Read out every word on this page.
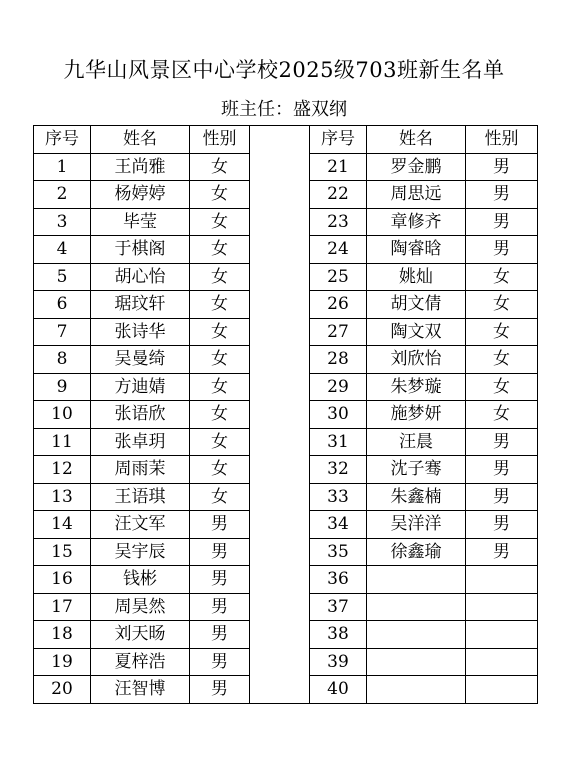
九华山风景区中心学校2025级703班新生名单
班主任：盛双纲
序号	姓名	性别		序号	姓名	性别
1	王尚雅	女		21	罗金鹏	男
2	杨婷婷	女		22	周思远	男
3	毕莹	女		23	章修齐	男
4	于棋阁	女		24	陶睿晗	男
5	胡心怡	女		25	姚灿	女
6	琚玟轩	女		26	胡文倩	女
7	张诗华	女		27	陶文双	女
8	吴曼绮	女		28	刘欣怡	女
9	方迪婧	女		29	朱梦璇	女
10	张语欣	女		30	施梦妍	女
11	张卓玥	女		31	汪晨	男
12	周雨茉	女		32	沈子骞	男
13	王语琪	女		33	朱鑫楠	男
14	汪文军	男		34	吴洋洋	男
15	吴宇辰	男		35	徐鑫瑜	男
16	钱彬	男		36		
17	周昊然	男		37		
18	刘天旸	男		38		
19	夏梓浩	男		39		
20	汪智博	男		40		
